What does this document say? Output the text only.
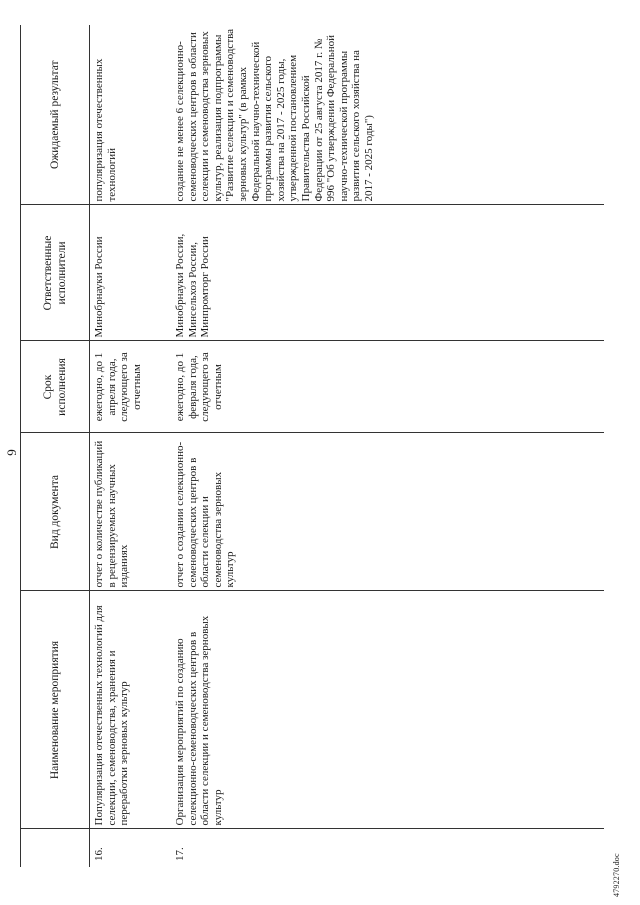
9
	Наименование мероприятия	Вид документа	Срок исполнения	Ответственные исполнители	Ожидаемый результат
16.	Популяризация отечественных технологий для селекции, семеноводства, хранения и переработки зерновых культур	отчет о количестве публикаций в рецензируемых научных изданиях	ежегодно, до 1 апреля года, следующего за отчетным	Минобрнауки России	популяризация отечественных технологий
17.	Организация мероприятий по созданию селекционно-семеноводческих центров в области селекции и семеноводства зерновых культур	отчет о создании селекционно-семеноводческих центров в области селекции и семеноводства зерновых культур	ежегодно, до 1 февраля года, следующего за отчетным	Минобрнауки России, Минсельхоз России, Минпромторг России	создание не менее 6 селекционно-семеноводческих центров в области селекции и семеноводства зерновых культур, реализация подпрограммы "Развитие селекции и семеноводства зерновых культур" (в рамках Федеральной научно-технической программы развития сельского хозяйства на 2017 - 2025 годы, утвержденной постановлением Правительства Российской Федерации от 25 августа 2017 г. № 996 "Об утверждении Федеральной научно-технической программы развития сельского хозяйства на 2017 - 2025 годы")
4792270.doc
